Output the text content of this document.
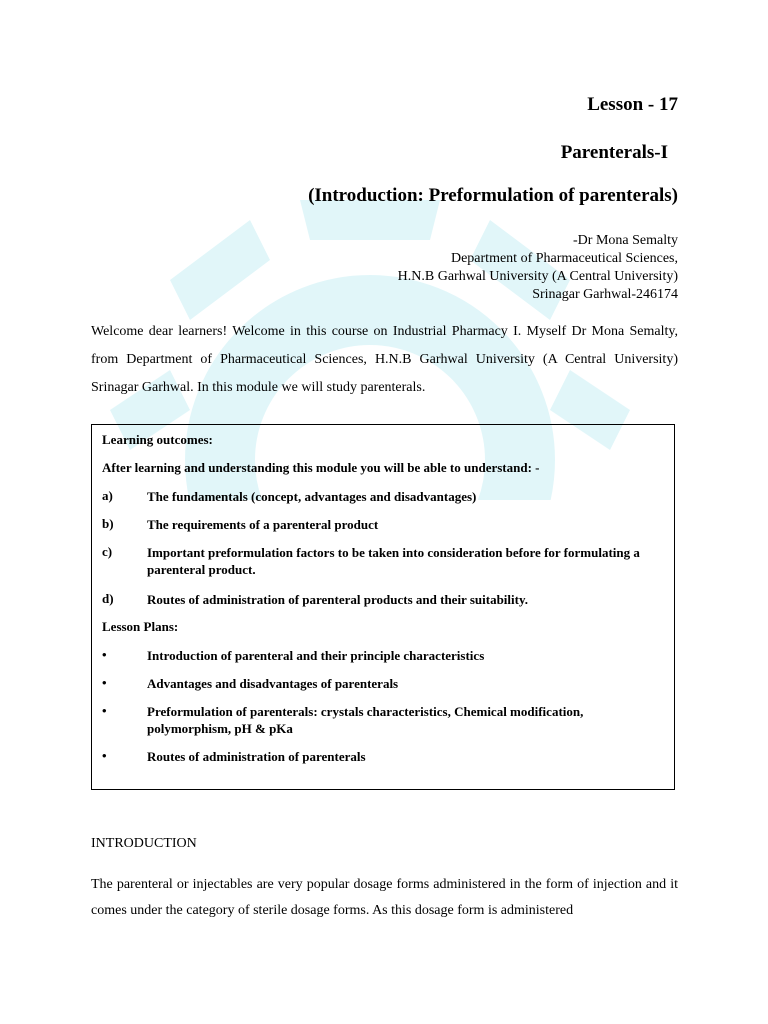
Lesson - 17
Parenterals-I
(Introduction: Preformulation of parenterals)
-Dr Mona Semalty
Department of Pharmaceutical Sciences,
H.N.B Garhwal University (A Central University)
Srinagar Garhwal-246174
Welcome dear learners! Welcome in this course on Industrial Pharmacy I. Myself Dr Mona Semalty, from Department of Pharmaceutical Sciences, H.N.B Garhwal University (A Central University) Srinagar Garhwal. In this module we will study parenterals.
Learning outcomes:
After learning and understanding this module you will be able to understand: -
a)	The fundamentals (concept, advantages and disadvantages)
b)	The requirements of a parenteral product
c)	Important preformulation factors to be taken into consideration before for formulating a parenteral product.
d)	Routes of administration of parenteral products and their suitability.
Lesson Plans:
•	Introduction of parenteral and their principle characteristics
•	Advantages and disadvantages of parenterals
•	Preformulation of parenterals: crystals characteristics, Chemical modification, polymorphism, pH & pKa
•	Routes of administration of parenterals
INTRODUCTION
The parenteral or injectables are very popular dosage forms administered in the form of injection and it comes under the category of sterile dosage forms. As this dosage form is administered
